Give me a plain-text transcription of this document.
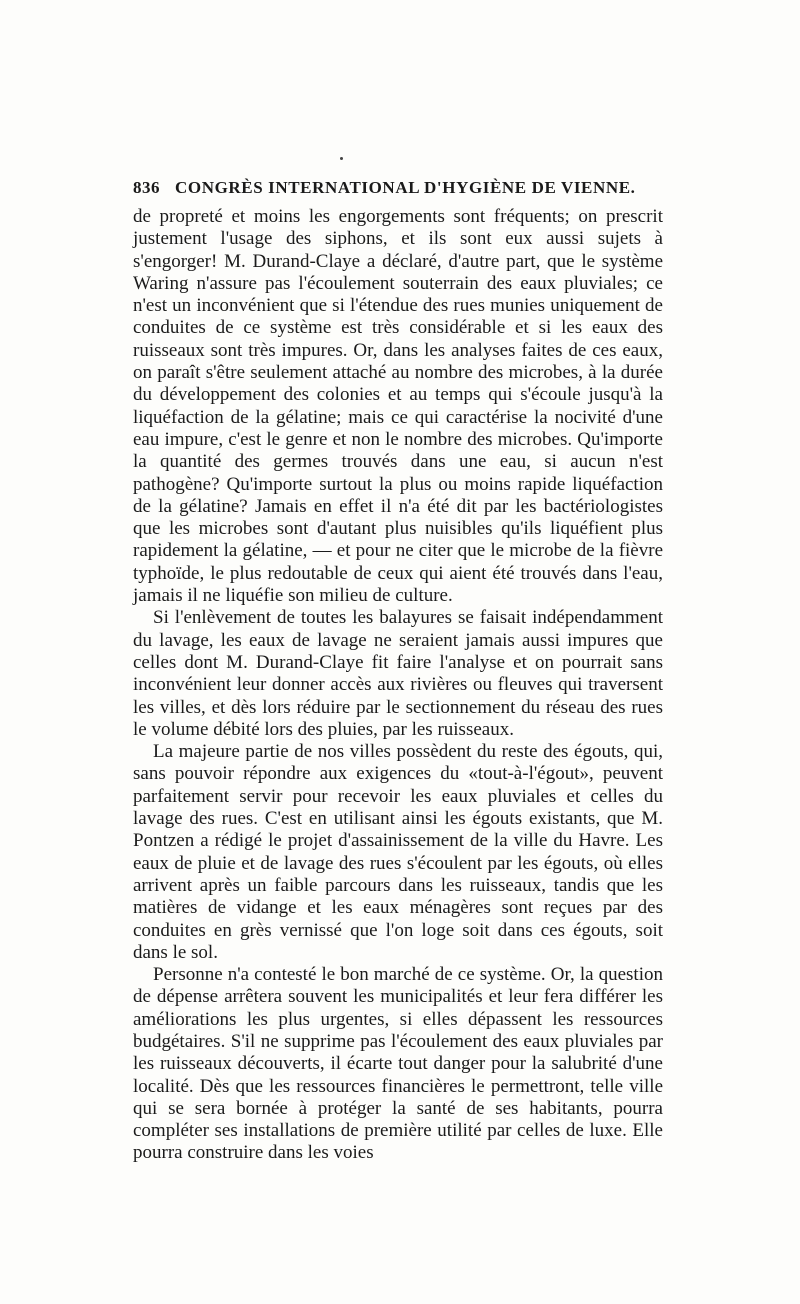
836 CONGRÈS INTERNATIONAL D'HYGIÈNE DE VIENNE.

de propreté et moins les engorgements sont fréquents; on prescrit justement l'usage des siphons, et ils sont eux aussi sujets à s'engorger! M. Durand-Claye a déclaré, d'autre part, que le système Waring n'assure pas l'écoulement souterrain des eaux pluviales; ce n'est un inconvénient que si l'étendue des rues munies uniquement de conduites de ce système est très considérable et si les eaux des ruisseaux sont très impures. Or, dans les analyses faites de ces eaux, on paraît s'être seulement attaché au nombre des microbes, à la durée du développement des colonies et au temps qui s'écoule jusqu'à la liquéfaction de la gélatine; mais ce qui caractérise la nocivité d'une eau impure, c'est le genre et non le nombre des microbes. Qu'importe la quantité des germes trouvés dans une eau, si aucun n'est pathogène? Qu'importe surtout la plus ou moins rapide liquéfaction de la gélatine? Jamais en effet il n'a été dit par les bactériologistes que les microbes sont d'autant plus nuisibles qu'ils liquéfient plus rapidement la gélatine, — et pour ne citer que le microbe de la fièvre typhoïde, le plus redoutable de ceux qui aient été trouvés dans l'eau, jamais il ne liquéfie son milieu de culture.

Si l'enlèvement de toutes les balayures se faisait indépendamment du lavage, les eaux de lavage ne seraient jamais aussi impures que celles dont M. Durand-Claye fit faire l'analyse et on pourrait sans inconvénient leur donner accès aux rivières ou fleuves qui traversent les villes, et dès lors réduire par le sectionnement du réseau des rues le volume débité lors des pluies, par les ruisseaux.

La majeure partie de nos villes possèdent du reste des égouts, qui, sans pouvoir répondre aux exigences du «tout-à-l'égout», peuvent parfaitement servir pour recevoir les eaux pluviales et celles du lavage des rues. C'est en utilisant ainsi les égouts existants, que M. Pontzen a rédigé le projet d'assainissement de la ville du Havre. Les eaux de pluie et de lavage des rues s'écoulent par les égouts, où elles arrivent après un faible parcours dans les ruisseaux, tandis que les matières de vidange et les eaux ménagères sont reçues par des conduites en grès vernissé que l'on loge soit dans ces égouts, soit dans le sol.

Personne n'a contesté le bon marché de ce système. Or, la question de dépense arrêtera souvent les municipalités et leur fera différer les améliorations les plus urgentes, si elles dépassent les ressources budgétaires. S'il ne supprime pas l'écoulement des eaux pluviales par les ruisseaux découverts, il écarte tout danger pour la salubrité d'une localité. Dès que les ressources financières le permettront, telle ville qui se sera bornée à protéger la santé de ses habitants, pourra compléter ses installations de première utilité par celles de luxe. Elle pourra construire dans les voies
